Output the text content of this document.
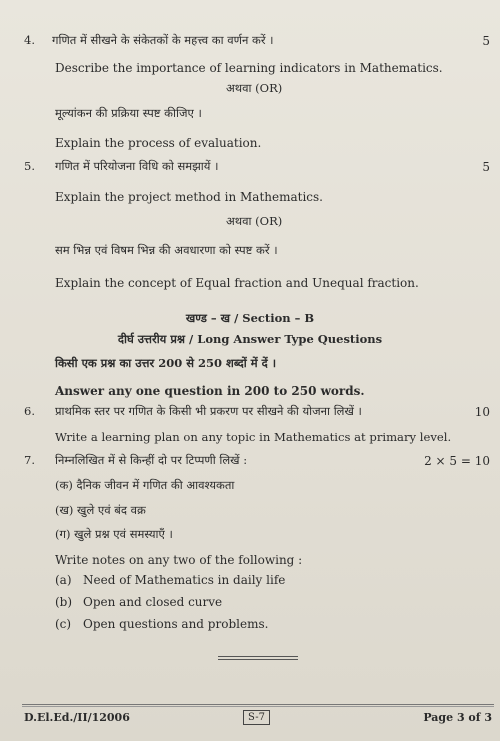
4. गणित में सीखने के संकेतकों के महत्त्व का वर्णन करें ।	5
Describe the importance of learning indicators in Mathematics.
अथवा (OR)
मूल्यांकन की प्रक्रिया स्पष्ट कीजिए ।
Explain the process of evaluation.
5. गणित में परियोजना विधि को समझायें ।	5
Explain the project method in Mathematics.
अथवा (OR)
सम भिन्न एवं विषम भिन्न की अवधारणा को स्पष्ट करें ।
Explain the concept of Equal fraction and Unequal fraction.
खण्ड – ख / Section – B
दीर्घ उत्तरीय प्रश्न / Long Answer Type Questions
किसी एक प्रश्न का उत्तर 200 से 250 शब्दों में दें ।
Answer any one question in 200 to 250 words.
6. प्राथमिक स्तर पर गणित के किसी भी प्रकरण पर सीखने की योजना लिखें ।	10
Write a learning plan on any topic in Mathematics at primary level.
7. निम्नलिखित में से किन्हीं दो पर टिप्पणी लिखें :	2 × 5 = 10
(क) दैनिक जीवन में गणित की आवश्यकता
(ख) खुले एवं बंद वक्र
(ग) खुले प्रश्न एवं समस्याएँ ।
Write notes on any two of the following :
(a) Need of Mathematics in daily life
(b) Open and closed curve
(c) Open questions and problems.
D.El.Ed./II/12006	S-7	Page 3 of 3
